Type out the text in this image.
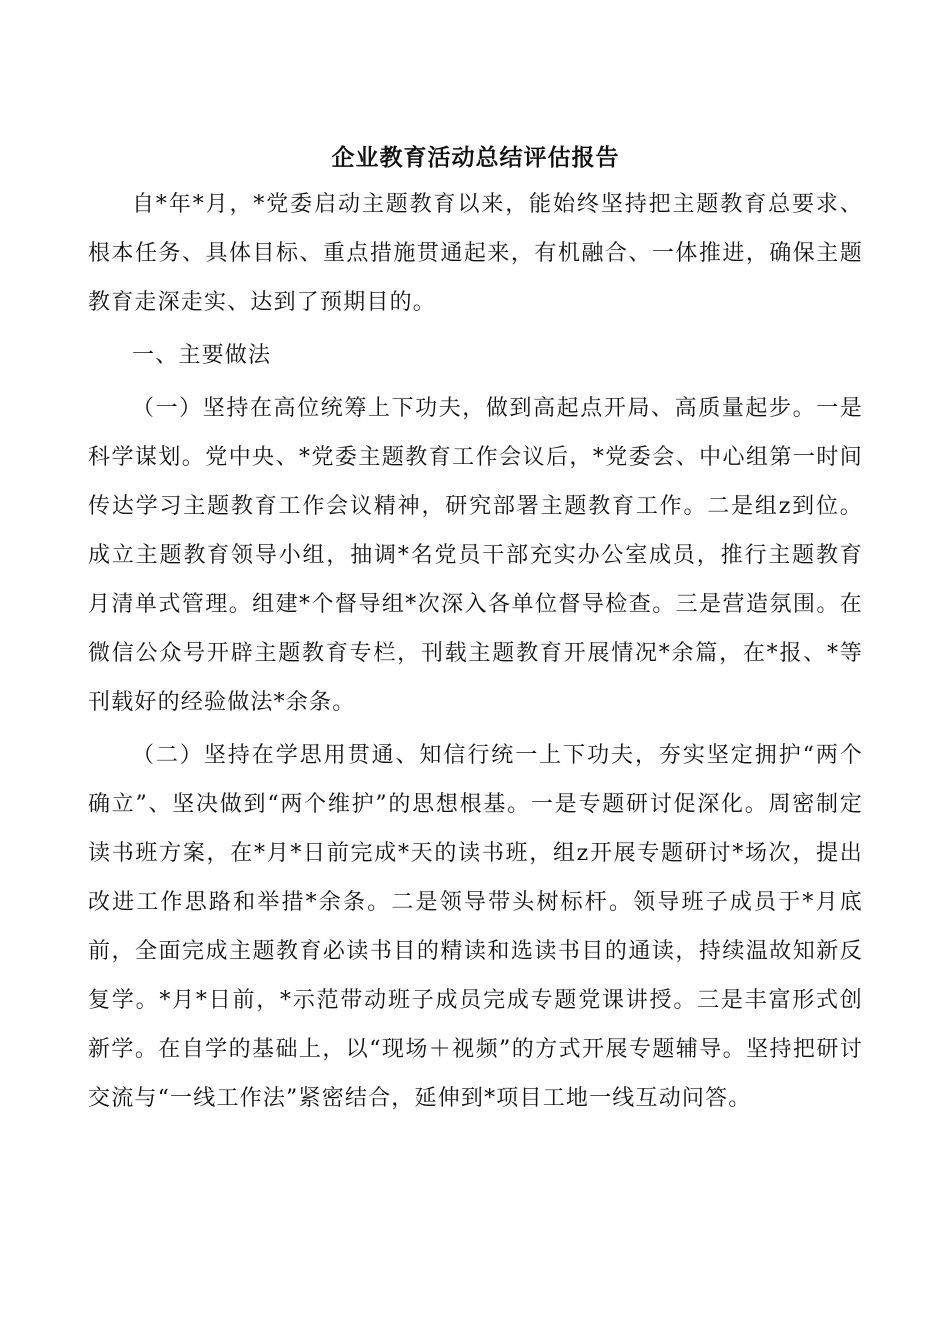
企业教育活动总结评估报告
自*年*月，*党委启动主题教育以来，能始终坚持把主题教育总要求、根本任务、具体目标、重点措施贯通起来，有机融合、一体推进，确保主题教育走深走实、达到了预期目的。
一、主要做法
（一）坚持在高位统筹上下功夫，做到高起点开局、高质量起步。一是科学谋划。党中央、*党委主题教育工作会议后，*党委会、中心组第一时间传达学习主题教育工作会议精神，研究部署主题教育工作。二是组z到位。成立主题教育领导小组，抽调*名党员干部充实办公室成员，推行主题教育月清单式管理。组建*个督导组*次深入各单位督导检查。三是营造氛围。在微信公众号开辟主题教育专栏，刊载主题教育开展情况*余篇，在*报、*等刊载好的经验做法*余条。
（二）坚持在学思用贯通、知信行统一上下功夫，夯实坚定拥护“两个确立”、坚决做到“两个维护”的思想根基。一是专题研讨促深化。周密制定读书班方案，在*月*日前完成*天的读书班，组z开展专题研讨*场次，提出改进工作思路和举措*余条。二是领导带头树标杆。领导班子成员于*月底前，全面完成主题教育必读书目的精读和选读书目的通读，持续温故知新反复学。*月*日前，*示范带动班子成员完成专题党课讲授。三是丰富形式创新学。在自学的基础上，以“现场＋视频”的方式开展专题辅导。坚持把研讨交流与“一线工作法”紧密结合，延伸到*项目工地一线互动问答。
